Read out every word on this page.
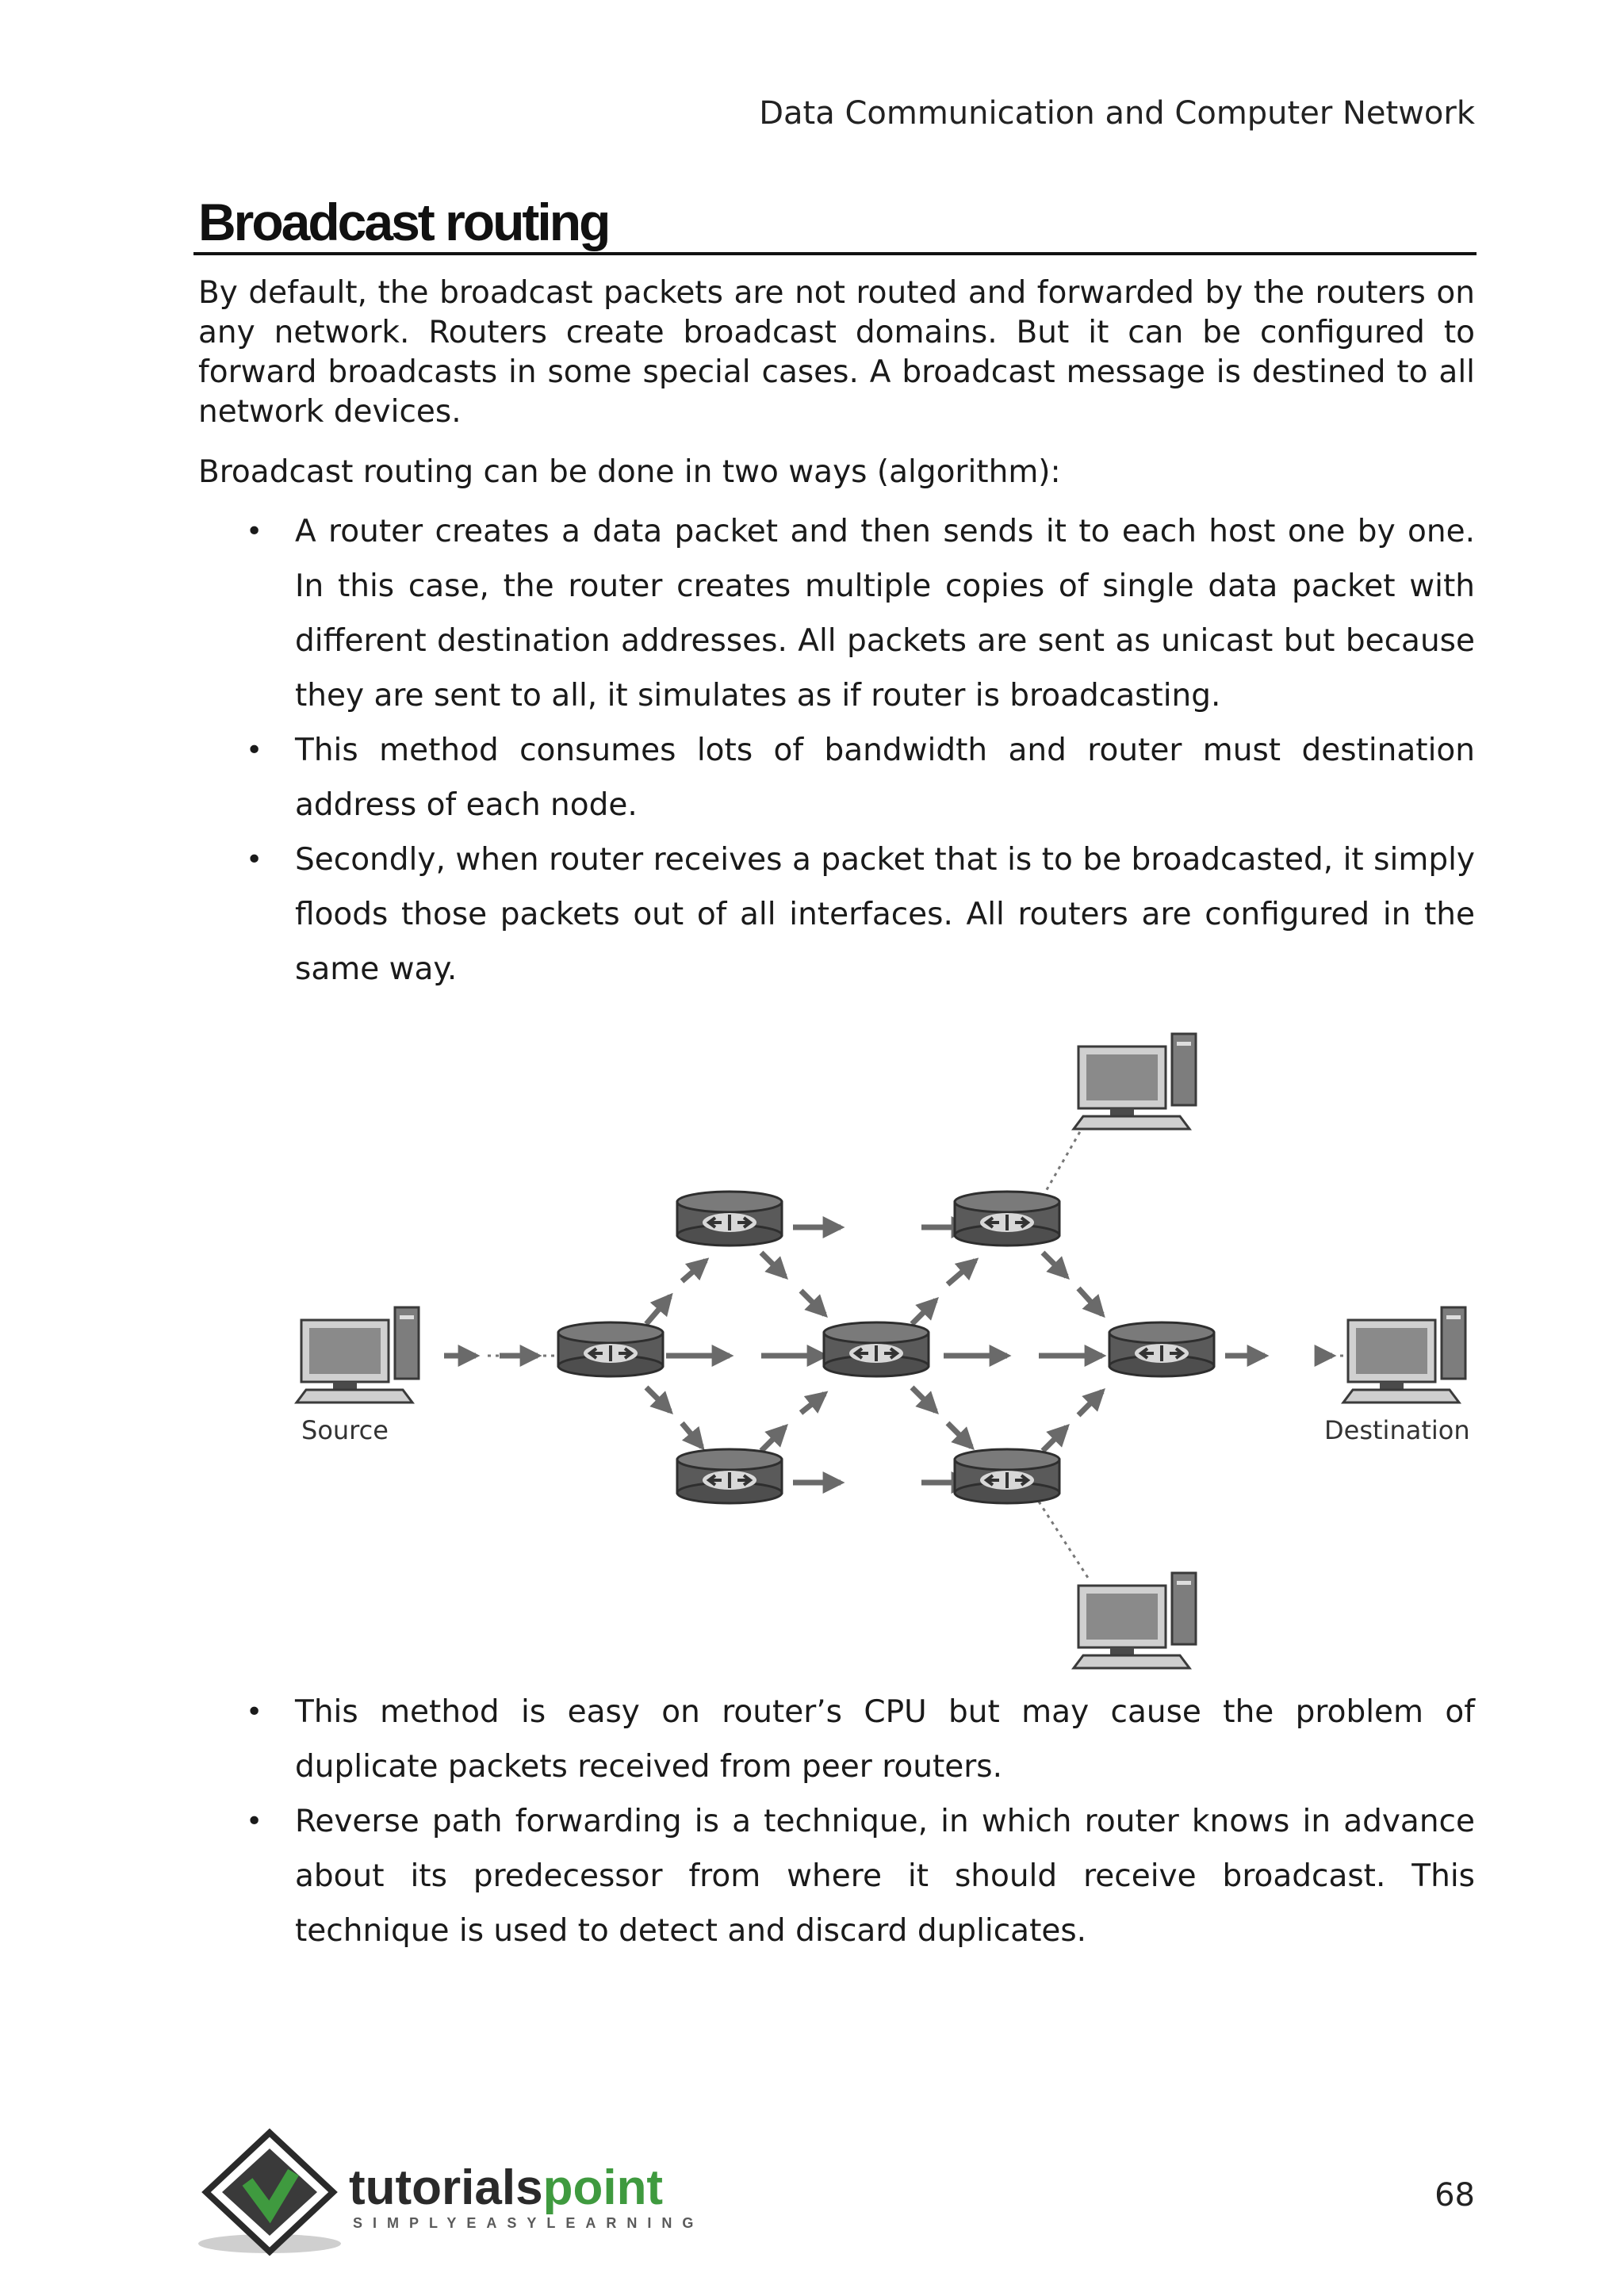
Data Communication and Computer Network
Broadcast routing

By default, the broadcast packets are not routed and forwarded by the routers on any network. Routers create broadcast domains. But it can be configured to forward broadcasts in some special cases. A broadcast message is destined to all network devices.

Broadcast routing can be done in two ways (algorithm):

• A router creates a data packet and then sends it to each host one by one. In this case, the router creates multiple copies of single data packet with different destination addresses. All packets are sent as unicast but because they are sent to all, it simulates as if router is broadcasting.
• This method consumes lots of bandwidth and router must destination address of each node.
• Secondly, when router receives a packet that is to be broadcasted, it simply floods those packets out of all interfaces. All routers are configured in the same way.
Source	Destination
• This method is easy on router’s CPU but may cause the problem of duplicate packets received from peer routers.
• Reverse path forwarding is a technique, in which router knows in advance about its predecessor from where it should receive broadcast. This technique is used to detect and discard duplicates.
tutorialspoint
SIMPLYEASYLEARNING
68
